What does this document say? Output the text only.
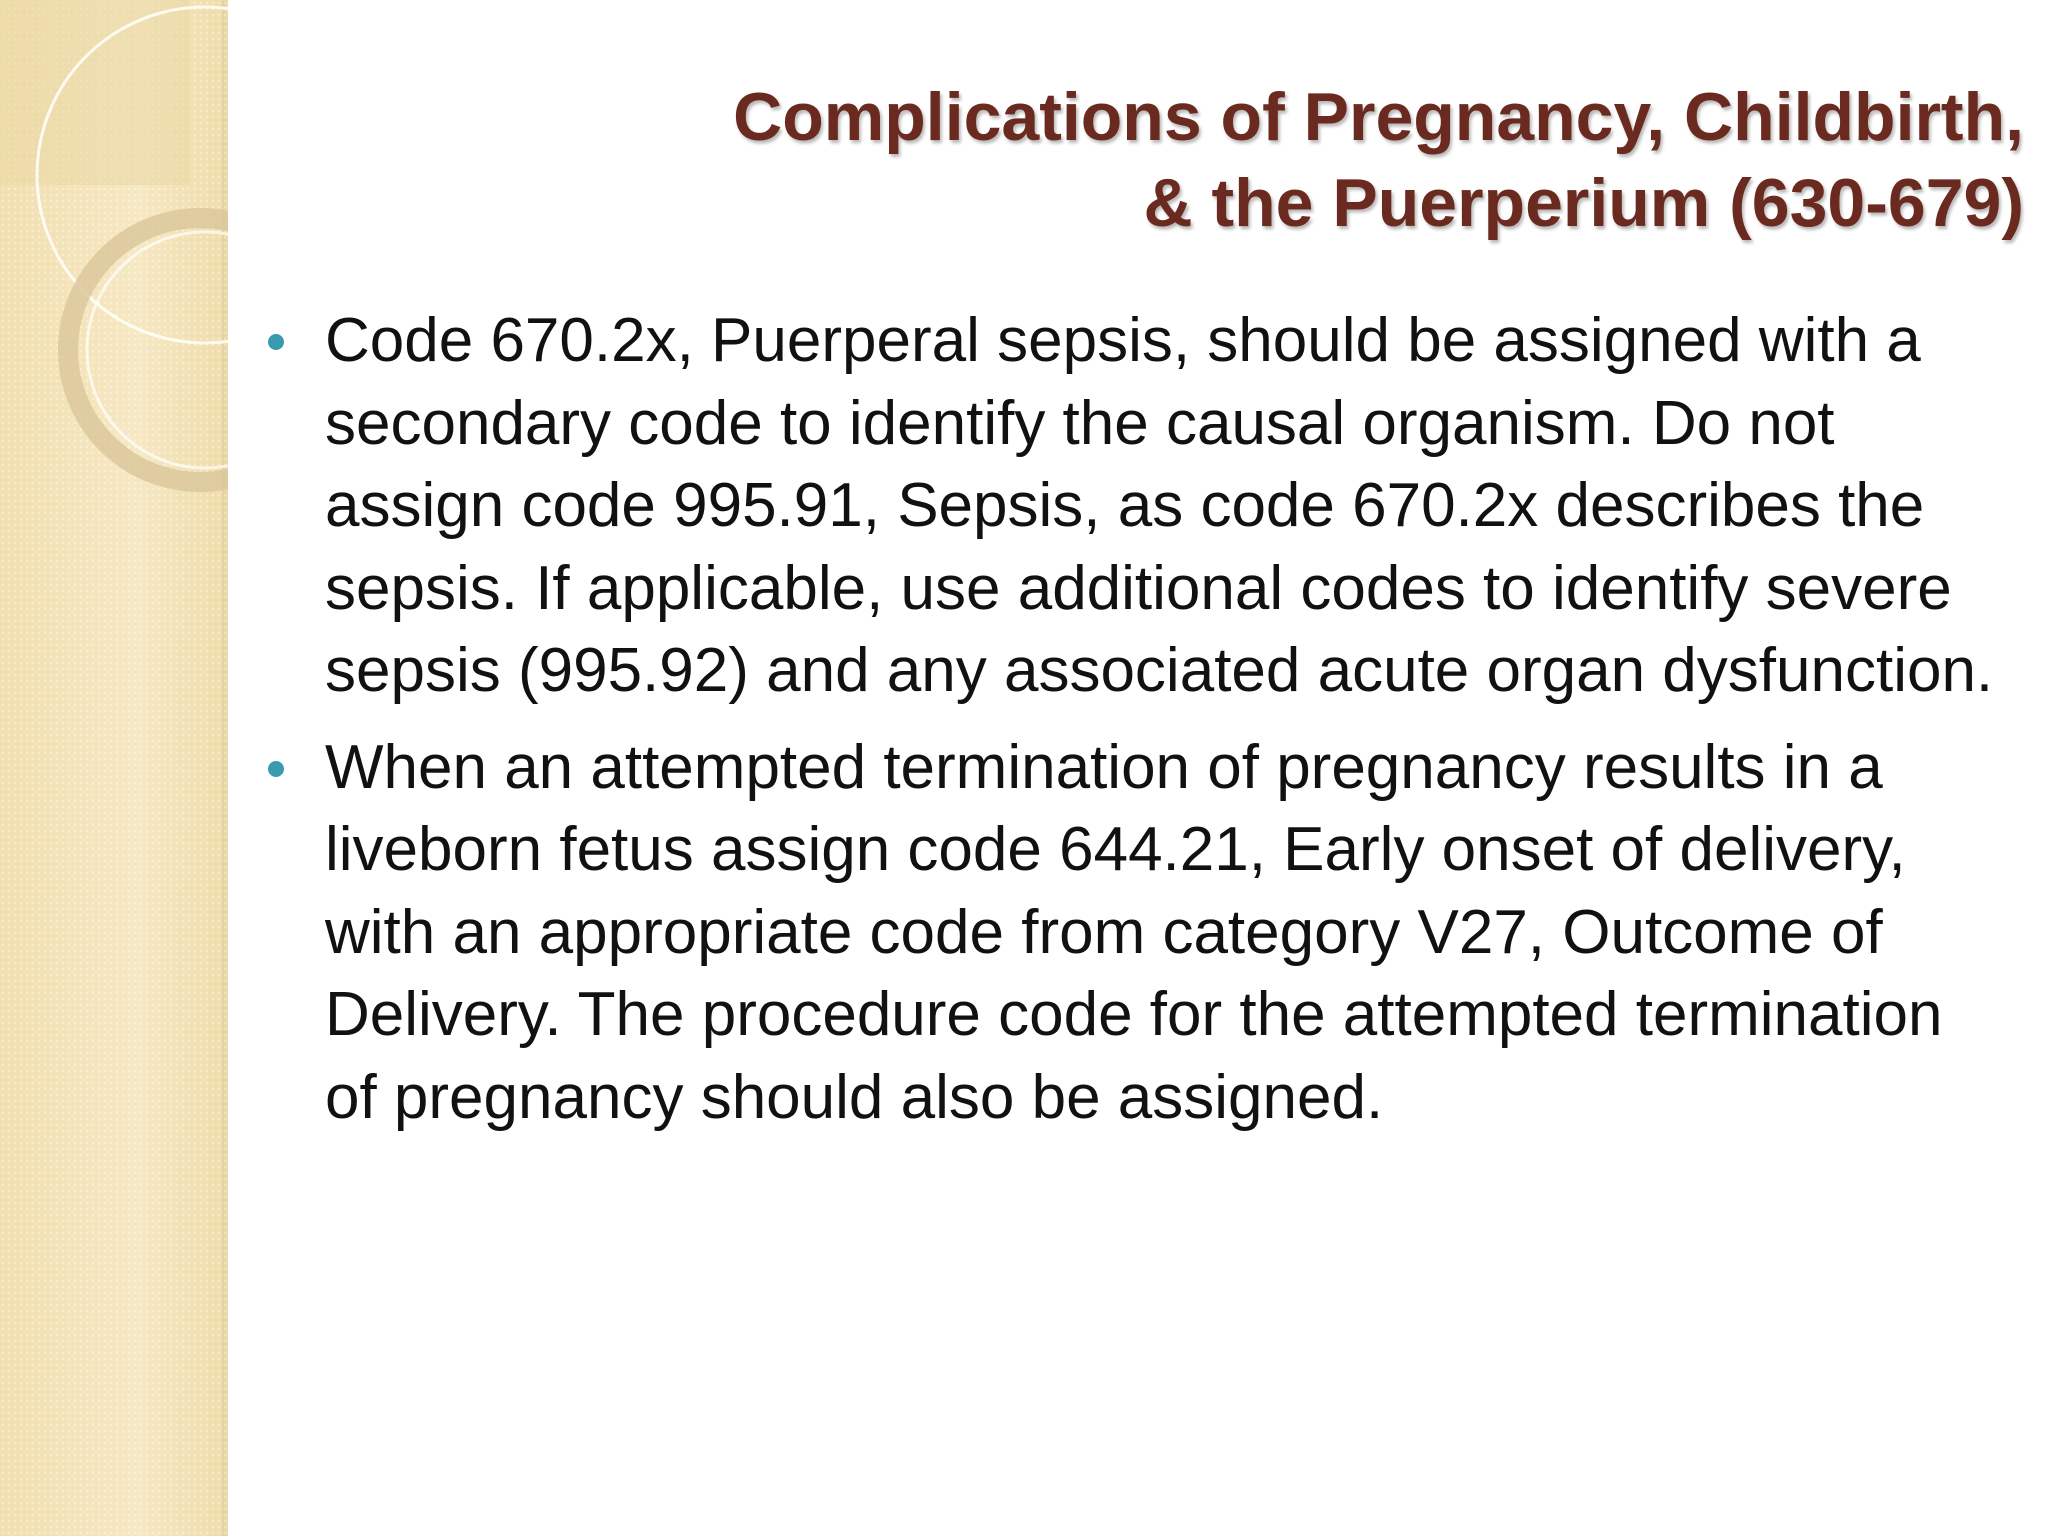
Complications of Pregnancy, Childbirth,
& the Puerperium (630-679)
Code 670.2x, Puerperal sepsis, should be assigned with a secondary code to identify the causal organism. Do not assign code 995.91, Sepsis, as code 670.2x describes the sepsis. If applicable, use additional codes to identify severe sepsis (995.92) and any associated acute organ dysfunction.
When an attempted termination of pregnancy results in a liveborn fetus assign code 644.21, Early onset of delivery, with an appropriate code from category V27, Outcome of Delivery. The procedure code for the attempted termination of pregnancy should also be assigned.
